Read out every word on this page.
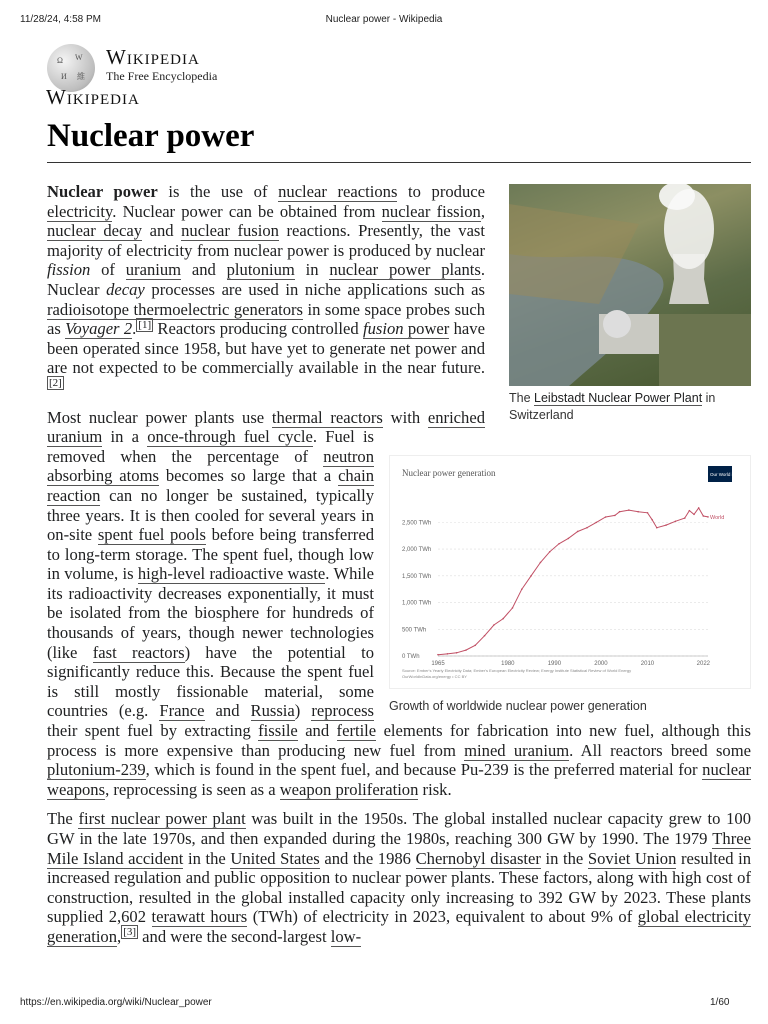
11/28/24, 4:58 PM	Nuclear power - Wikipedia
Ω W
И 維
Wikipedia
The Free Encyclopedia
Wikipedia
Nuclear power
The Leibstadt Nuclear Power Plant in Switzerland

Nuclear power is the use of nuclear reactions to produce electricity. Nuclear power can be obtained from nuclear fission, nuclear decay and nuclear fusion reactions. Presently, the vast majority of electricity from nuclear power is produced by nuclear fission of uranium and plutonium in nuclear power plants. Nuclear decay processes are used in niche applications such as radioisotope thermoelectric generators in some space probes such as Voyager 2. [1] Reactors producing controlled fusion power have been operated since 1958, but have yet to generate net power and are not expected to be commercially available in the near future.[2]

Nuclear power generation	Our World in Data
0 TWh
500 TWh
1,000 TWh
1,500 TWh
2,000 TWh
2,500 TWh
1965	1980	1990	2000	2010	2022
World
Source: Ember's Yearly Electricity Data; Ember's European Electricity Review; Energy Institute Statistical Review of World Energy
OurWorldInData.org/energy • CC BY
Growth of worldwide nuclear power generation
Most nuclear power plants use thermal reactors with enriched uranium in a once-through fuel cycle. Fuel is removed when the percentage of neutron absorbing atoms becomes so large that a chain reaction can no longer be sustained, typically three years. It is then cooled for several years in on-site spent fuel pools before being transferred to long-term storage. The spent fuel, though low in volume, is high-level radioactive waste. While its radioactivity decreases exponentially, it must be isolated from the biosphere for hundreds of thousands of years, though newer technologies (like fast reactors) have the potential to significantly reduce this. Because the spent fuel is still mostly fissionable material, some countries (e.g. France and Russia) reprocess their spent fuel by extracting fissile and fertile elements for fabrication into new fuel, although this process is more expensive than producing new fuel from mined uranium. All reactors breed some plutonium-239, which is found in the spent fuel, and because Pu-239 is the preferred material for nuclear weapons, reprocessing is seen as a weapon proliferation risk.

The first nuclear power plant was built in the 1950s. The global installed nuclear capacity grew to 100 GW in the late 1970s, and then expanded during the 1980s, reaching 300 GW by 1990. The 1979 Three Mile Island accident in the United States and the 1986 Chernobyl disaster in the Soviet Union resulted in increased regulation and public opposition to nuclear power plants. These factors, along with high cost of construction, resulted in the global installed capacity only increasing to 392 GW by 2023. These plants supplied 2,602 terawatt hours (TWh) of electricity in 2023, equivalent to about 9% of global electricity generation, [3] and were the second-largest low-

https://en.wikipedia.org/wiki/Nuclear_power	1/60
